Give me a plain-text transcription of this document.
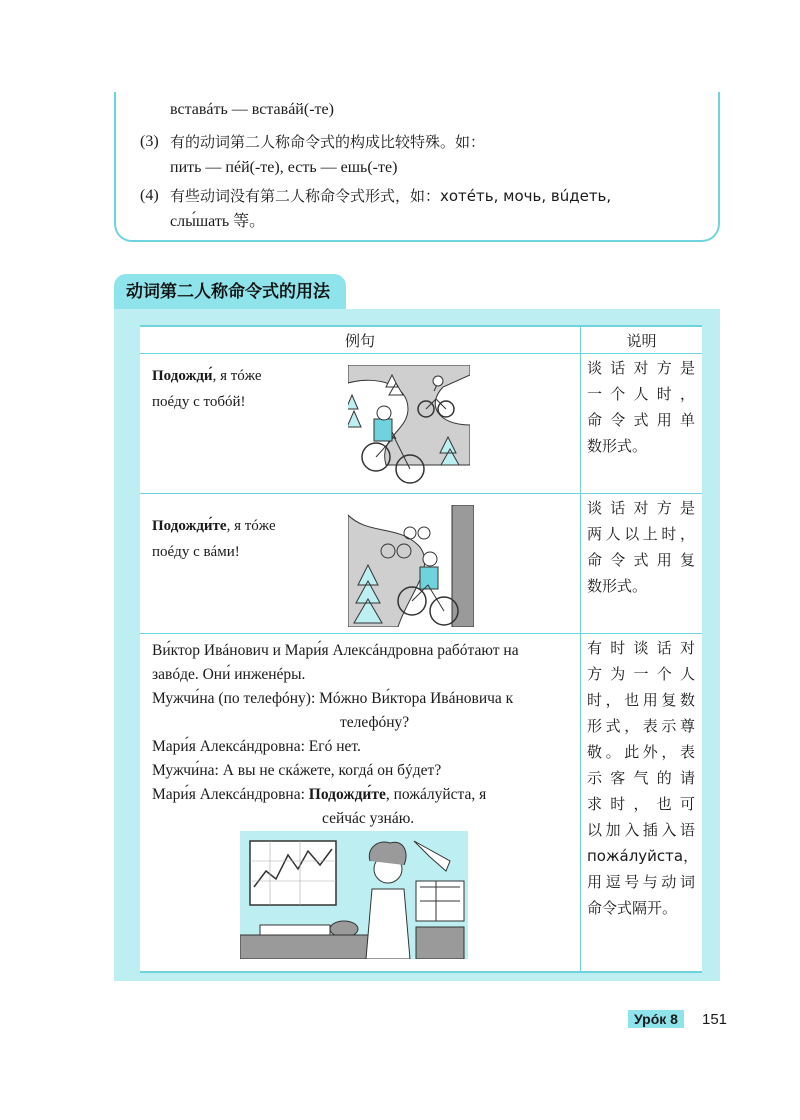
вставáть — вставáй(-те)
(3) 有的动词第二人称命令式的构成比较特殊。如：
пить — пéй(-те), есть — ешь(-те)
(4) 有些动词没有第二人称命令式形式，如：хотéть, мочь, вúдеть,
слы́шать 等。
动词第二人称命令式的用法
例句	说明
Подожди́, я тóже
поéду с тобóй!
谈话对方是
一个人时，
命令式用单
数形式。
Подожди́те, я тóже
поéду с вáми!
谈话对方是
两人以上时，
命令式用复
数形式。
Ви́ктор Ивáнович и Мари́я Алексáндровна рабóтают на
завóде. Они́ инженéры.
Мужчи́на (по телефóну): Мóжно Ви́ктора Ивáновича к
телефóну?
Мари́я Алексáндровна: Егó нет.
Мужчи́на: А вы не скáжете, когдá он бýдет?
Мари́я Алексáндровна: Подожди́те, пожáлуйста, я
сейчáс узнáю.
有时谈话对
方为一个人
时，也用复数
形式，表示尊
敬。此外，表
示客气的请
求时，也可
以加入插入语
пожáлуйста，
用逗号与动词
命令式隔开。
Урóк 8	151
